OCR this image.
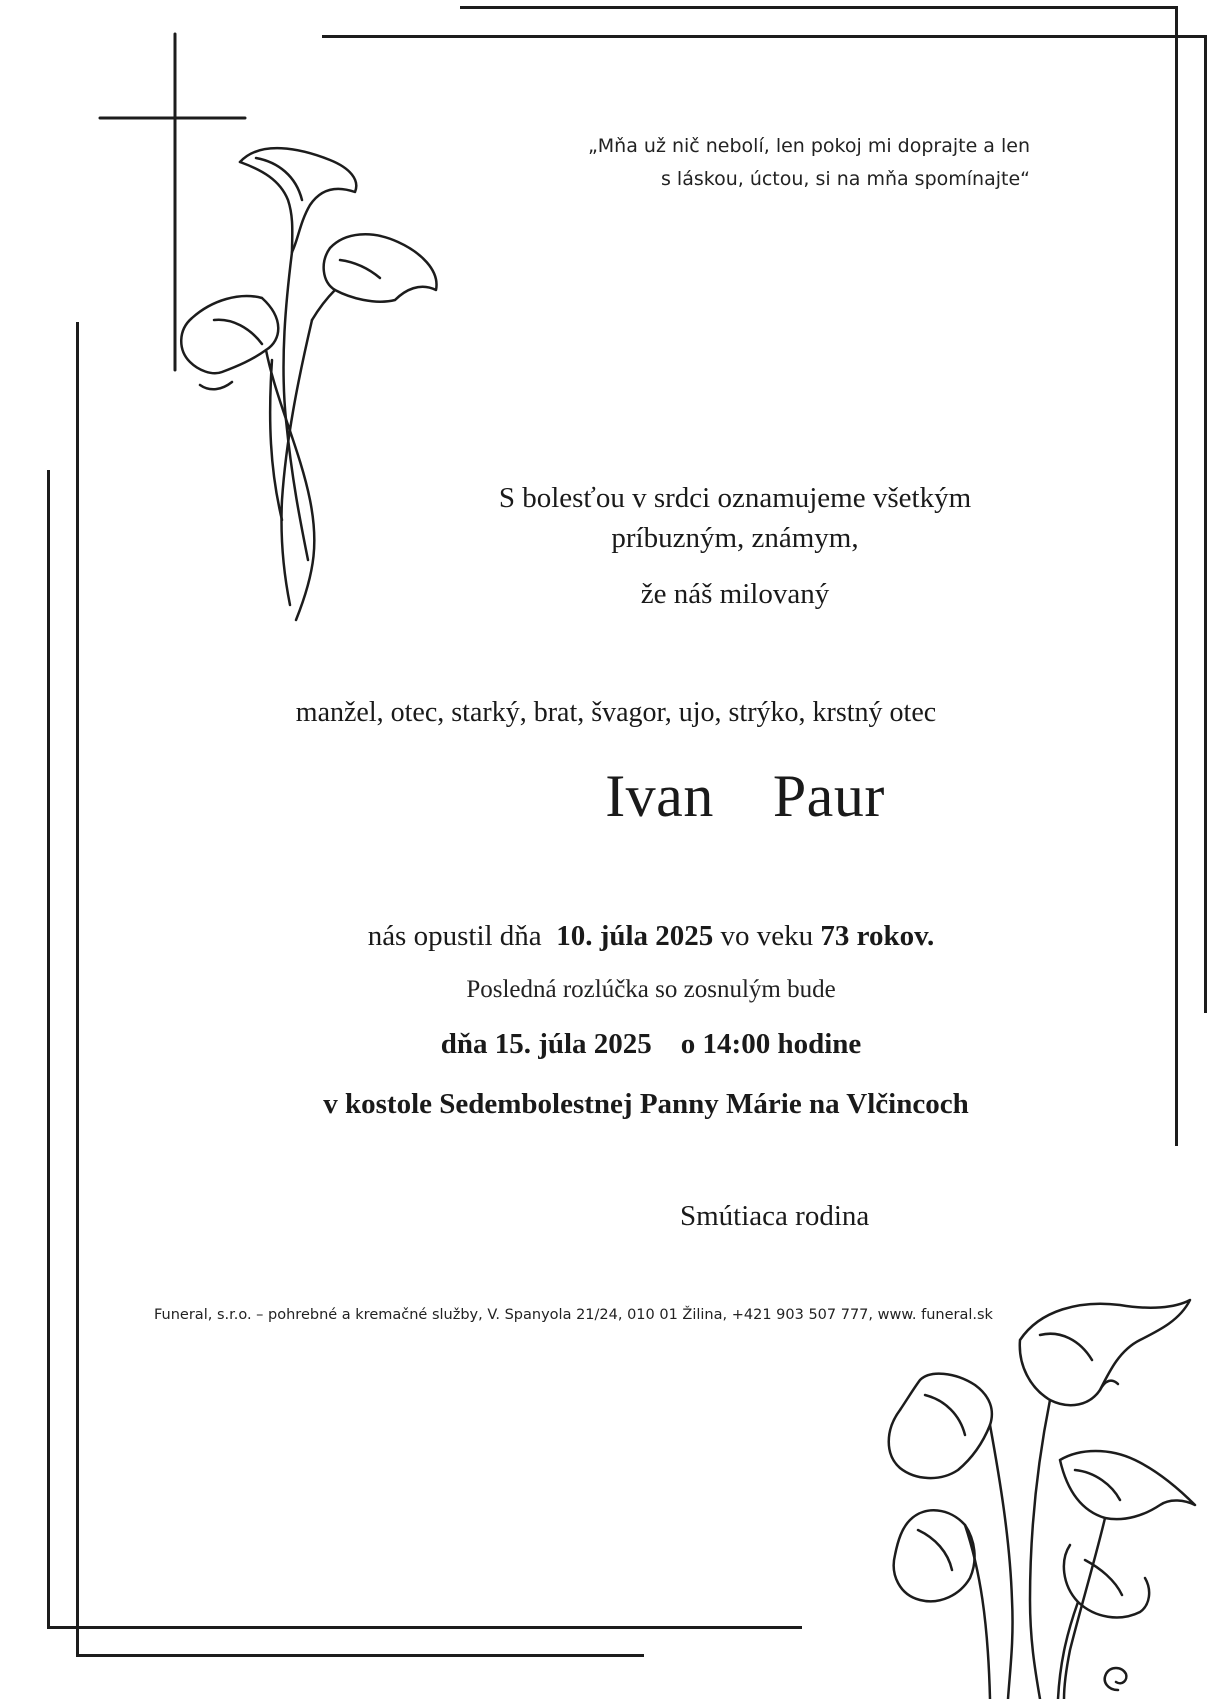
„Mňa už nič nebolí, len pokoj mi doprajte a len
s láskou, úctou, si na mňa spomínajte“
S bolesťou v srdci oznamujeme všetkým
príbuzným, známym,
že náš milovaný
manžel, otec, starký, brat, švagor, ujo, strýko, krstný otec
Ivan  Paur
nás opustil dňa 10. júla 2025 vo veku 73 rokov.
Posledná rozlúčka so zosnulým bude
dňa 15. júla 2025    o 14:00 hodine
v kostole Sedembolestnej Panny Márie na Vlčincoch
Smútiaca rodina
Funeral, s.r.o. – pohrebné a kremačné služby, V. Spanyola 21/24, 010 01 Žilina, +421 903 507 777, www. funeral.sk
